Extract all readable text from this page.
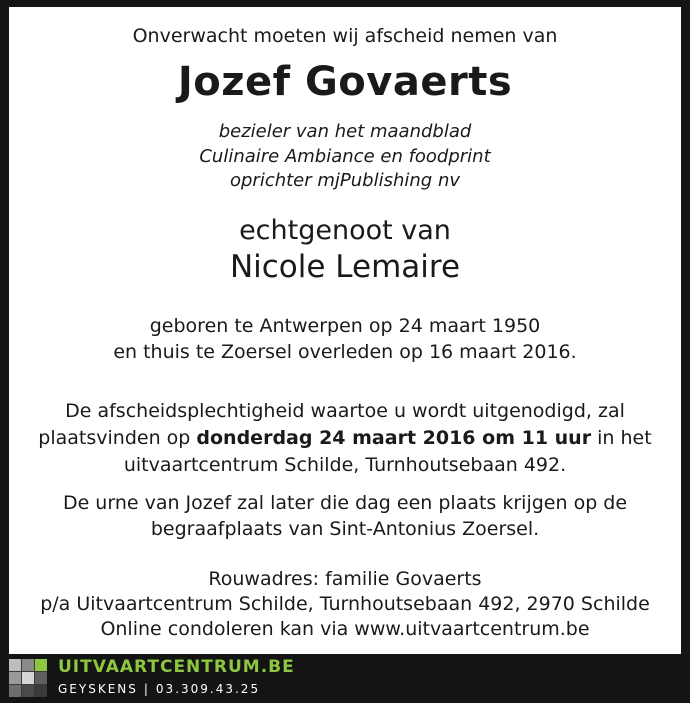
Onverwacht moeten wij afscheid nemen van
Jozef Govaerts
bezieler van het maandblad
Culinaire Ambiance en foodprint
oprichter mjPublishing nv
echtgenoot van
Nicole Lemaire
geboren te Antwerpen op 24 maart 1950
en thuis te Zoersel overleden op 16 maart 2016.
De afscheidsplechtigheid waartoe u wordt uitgenodigd, zal
plaatsvinden op donderdag 24 maart 2016 om 11 uur in het
uitvaartcentrum Schilde, Turnhoutsebaan 492.
De urne van Jozef zal later die dag een plaats krijgen op de
begraafplaats van Sint-Antonius Zoersel.
Rouwadres: familie Govaerts
p/a Uitvaartcentrum Schilde, Turnhoutsebaan 492, 2970 Schilde
Online condoleren kan via www.uitvaartcentrum.be
UITVAARTCENTRUM.BE
GEYSKENS | 03.309.43.25
